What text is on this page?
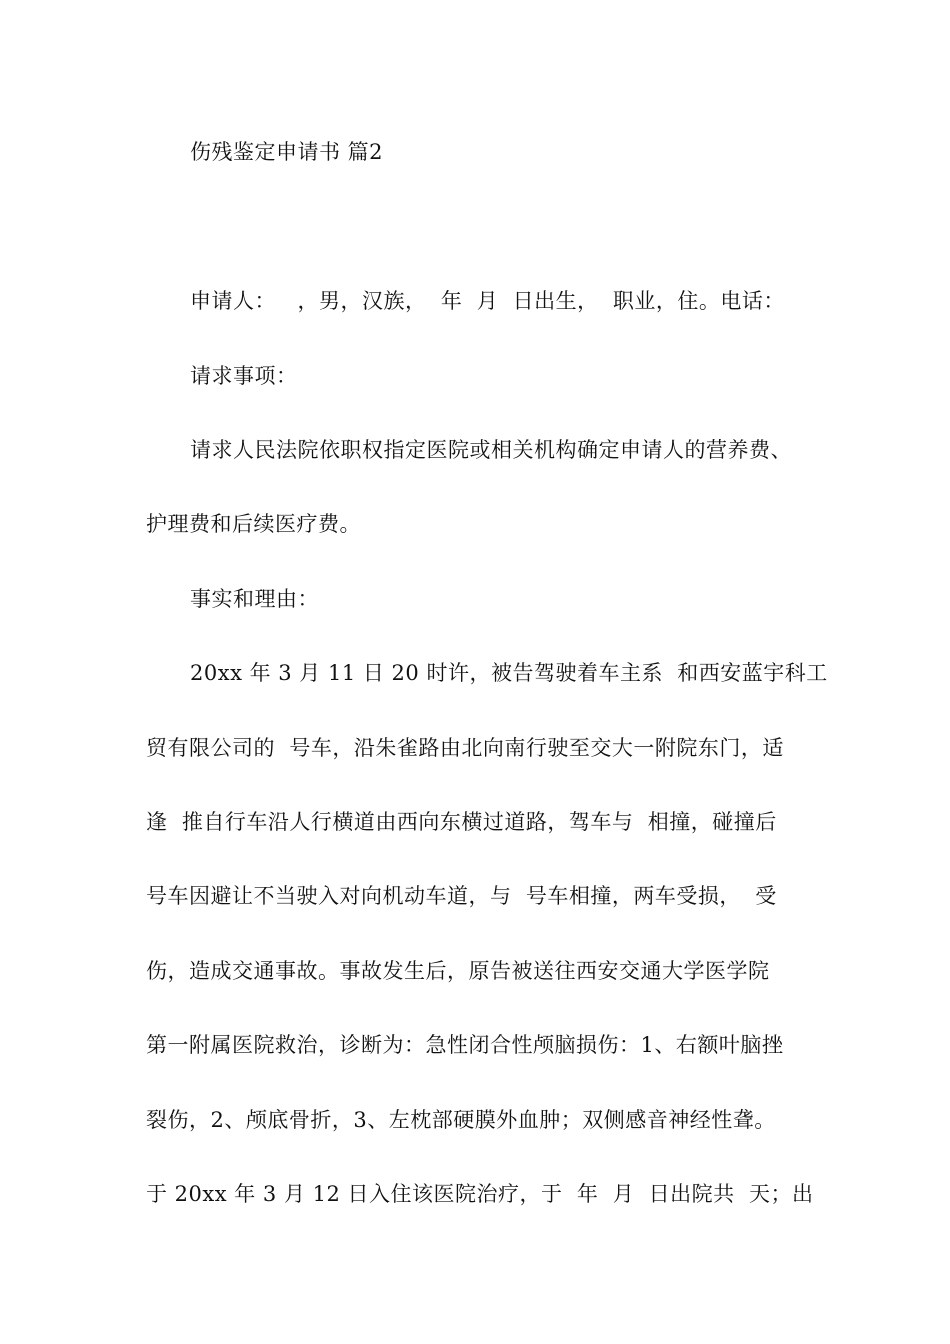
伤残鉴定申请书 篇2
申请人：   ，男，汉族，  年  月  日出生，  职业，住。电话：
请求事项：
请求人民法院依职权指定医院或相关机构确定申请人的营养费、
护理费和后续医疗费。
事实和理由：
20xx 年 3 月 11 日 20 时许，被告驾驶着车主系  和西安蓝宇科工
贸有限公司的  号车，沿朱雀路由北向南行驶至交大一附院东门，适
逢  推自行车沿人行横道由西向东横过道路，驾车与  相撞，碰撞后
号车因避让不当驶入对向机动车道，与  号车相撞，两车受损，  受
伤，造成交通事故。事故发生后，原告被送往西安交通大学医学院
第一附属医院救治，诊断为：急性闭合性颅脑损伤：1、右额叶脑挫
裂伤，2、颅底骨折，3、左枕部硬膜外血肿；双侧感音神经性聋。
于 20xx 年 3 月 12 日入住该医院治疗，于  年  月  日出院共  天；出
